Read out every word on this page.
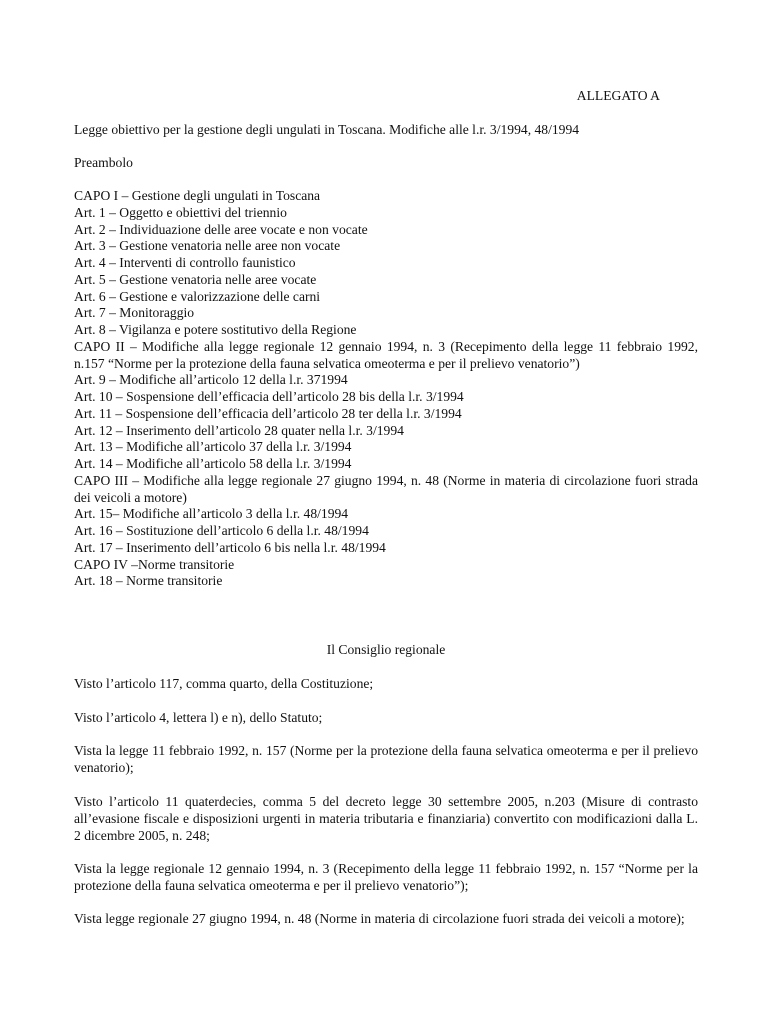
ALLEGATO A
Legge obiettivo per la gestione degli ungulati in Toscana. Modifiche alle l.r. 3/1994, 48/1994
Preambolo
CAPO I – Gestione degli ungulati in Toscana
Art. 1 – Oggetto e obiettivi del triennio
Art. 2 – Individuazione delle aree vocate e non vocate
Art. 3 – Gestione venatoria nelle aree non vocate
Art. 4 – Interventi di controllo faunistico
Art. 5 – Gestione venatoria nelle aree vocate
Art. 6 – Gestione e valorizzazione delle carni
Art. 7 – Monitoraggio
Art. 8 – Vigilanza e potere sostitutivo della Regione
CAPO II – Modifiche alla legge regionale 12 gennaio 1994, n. 3 (Recepimento della legge 11 febbraio 1992, n.157 “Norme per la protezione della fauna selvatica omeoterma e per il prelievo venatorio”)
Art. 9 – Modifiche all’articolo 12 della l.r. 371994
Art. 10 – Sospensione dell’efficacia dell’articolo 28 bis della l.r. 3/1994
Art. 11 – Sospensione dell’efficacia dell’articolo 28 ter della l.r. 3/1994
Art. 12 – Inserimento dell’articolo 28 quater nella l.r. 3/1994
Art. 13 – Modifiche all’articolo 37 della l.r. 3/1994
Art. 14 – Modifiche all’articolo 58 della l.r. 3/1994
CAPO III – Modifiche alla legge regionale 27 giugno 1994, n. 48 (Norme in materia di circolazione fuori strada dei veicoli a motore)
Art. 15– Modifiche all’articolo 3 della l.r. 48/1994
Art. 16 – Sostituzione dell’articolo 6 della l.r. 48/1994
Art. 17 – Inserimento dell’articolo 6 bis nella l.r. 48/1994
CAPO IV –Norme transitorie
Art. 18 – Norme transitorie
Il Consiglio regionale
Visto l’articolo 117, comma quarto, della Costituzione;
Visto l’articolo 4, lettera l) e n), dello Statuto;
Vista la legge 11 febbraio 1992, n. 157 (Norme per la protezione della fauna selvatica omeoterma e per il prelievo venatorio);
Visto l’articolo 11 quaterdecies, comma 5 del decreto legge 30 settembre 2005, n.203 (Misure di contrasto all’evasione fiscale e disposizioni urgenti in materia tributaria e finanziaria) convertito con modificazioni dalla L. 2 dicembre 2005, n. 248;
Vista la legge regionale 12 gennaio 1994, n. 3 (Recepimento della legge 11 febbraio 1992, n. 157 “Norme per la protezione della fauna selvatica omeoterma e per il prelievo venatorio”);
Vista legge regionale 27 giugno 1994, n. 48 (Norme in materia di circolazione fuori strada dei veicoli a motore);
